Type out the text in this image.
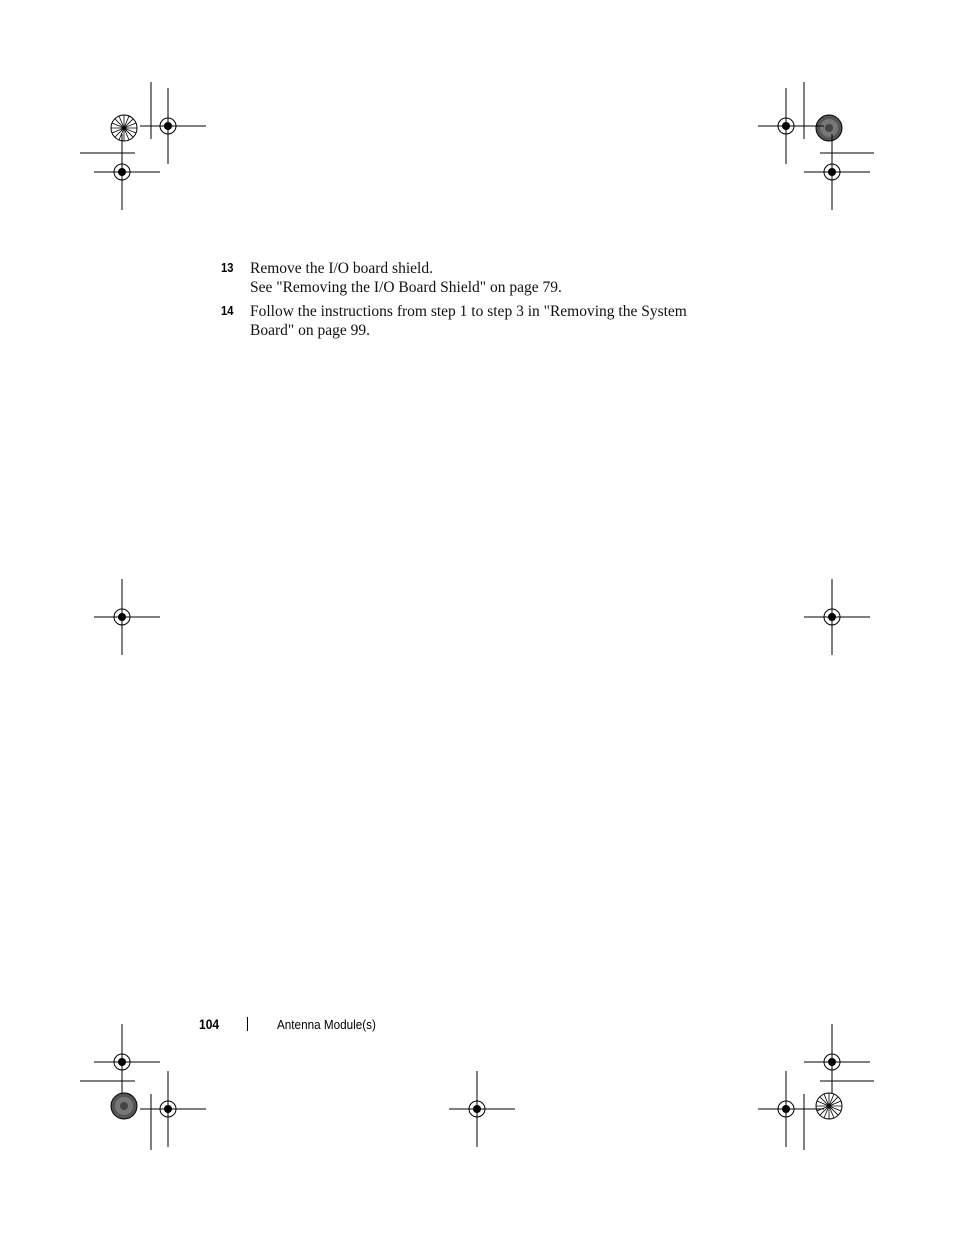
13 Remove the I/O board shield.
See "Removing the I/O Board Shield" on page 79.
14 Follow the instructions from step 1 to step 3 in "Removing the System
Board" on page 99.
104	Antenna Module(s)
